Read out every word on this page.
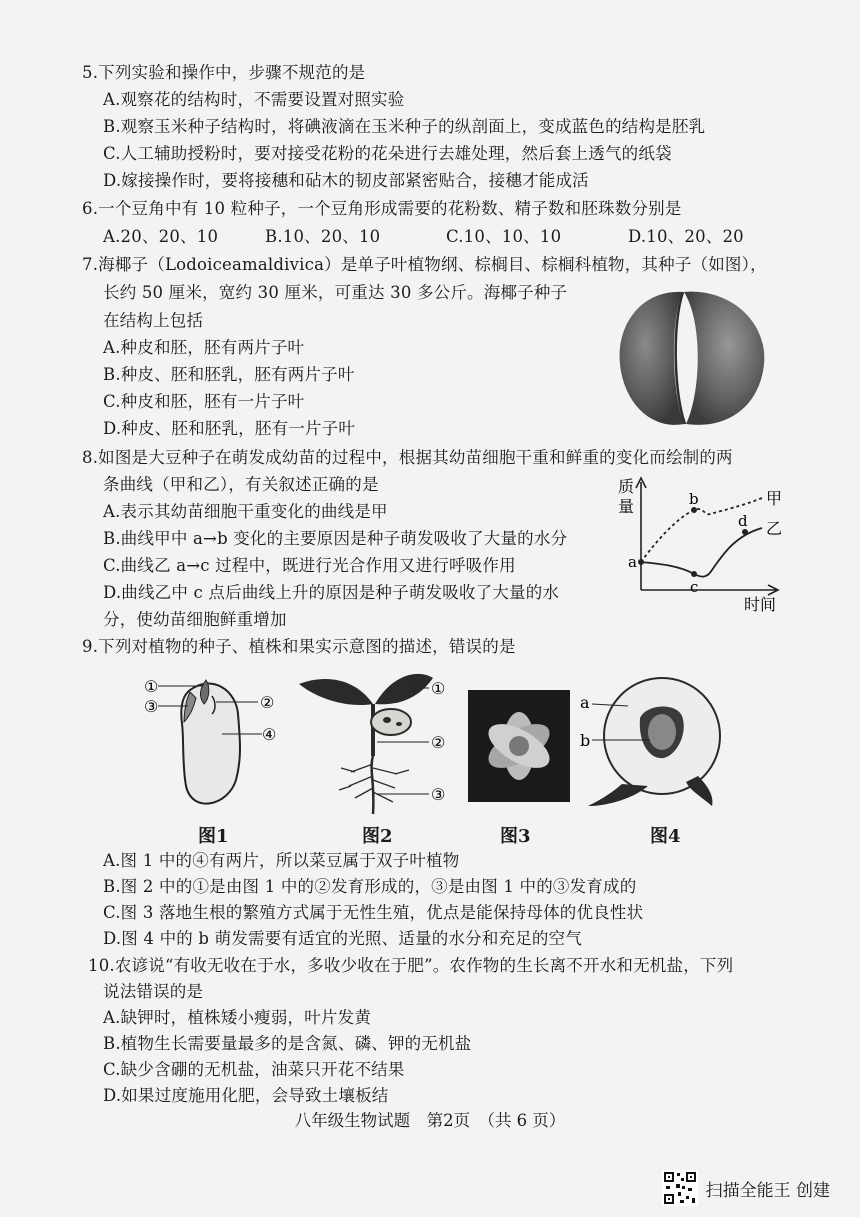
5.下列实验和操作中，步骤不规范的是
A.观察花的结构时，不需要设置对照实验
B.观察玉米种子结构时，将碘液滴在玉米种子的纵剖面上，变成蓝色的结构是胚乳
C.人工辅助授粉时，要对接受花粉的花朵进行去雄处理，然后套上透气的纸袋
D.嫁接操作时，要将接穗和砧木的韧皮部紧密贴合，接穗才能成活
6.一个豆角中有 10 粒种子，一个豆角形成需要的花粉数、精子数和胚珠数分别是
A.20、20、10	B.10、20、10	C.10、10、10	D.10、20、20
7.海椰子（Lodoiceamaldivica）是单子叶植物纲、棕榈目、棕榈科植物，其种子（如图），
长约 50 厘米，宽约 30 厘米，可重达 30 多公斤。海椰子种子
在结构上包括
A.种皮和胚，胚有两片子叶
B.种皮、胚和胚乳，胚有两片子叶
C.种皮和胚，胚有一片子叶
D.种皮、胚和胚乳，胚有一片子叶
8.如图是大豆种子在萌发成幼苗的过程中，根据其幼苗细胞干重和鲜重的变化而绘制的两
条曲线（甲和乙），有关叙述正确的是
A.表示其幼苗细胞干重变化的曲线是甲
B.曲线甲中 a→b 变化的主要原因是种子萌发吸收了大量的水分
C.曲线乙 a→c 过程中，既进行光合作用又进行呼吸作用
D.曲线乙中 c 点后曲线上升的原因是种子萌发吸收了大量的水
分，使幼苗细胞鲜重增加
质
量
a
b
c
d
甲
乙
时间
9.下列对植物的种子、植株和果实示意图的描述，错误的是
①
③	②
④
图1
①
②
③
图2	图3
a
b
图4
A.图 1 中的④有两片，所以菜豆属于双子叶植物
B.图 2 中的①是由图 1 中的②发育形成的，③是由图 1 中的③发育成的
C.图 3 落地生根的繁殖方式属于无性生殖，优点是能保持母体的优良性状
D.图 4 中的 b 萌发需要有适宜的光照、适量的水分和充足的空气
10.农谚说“有收无收在于水，多收少收在于肥”。农作物的生长离不开水和无机盐，下列
说法错误的是
A.缺钾时，植株矮小瘦弱，叶片发黄
B.植物生长需要量最多的是含氮、磷、钾的无机盐
C.缺少含硼的无机盐，油菜只开花不结果
D.如果过度施用化肥，会导致土壤板结
八年级生物试题　第2页　（共 6 页）
扫描全能王 创建
